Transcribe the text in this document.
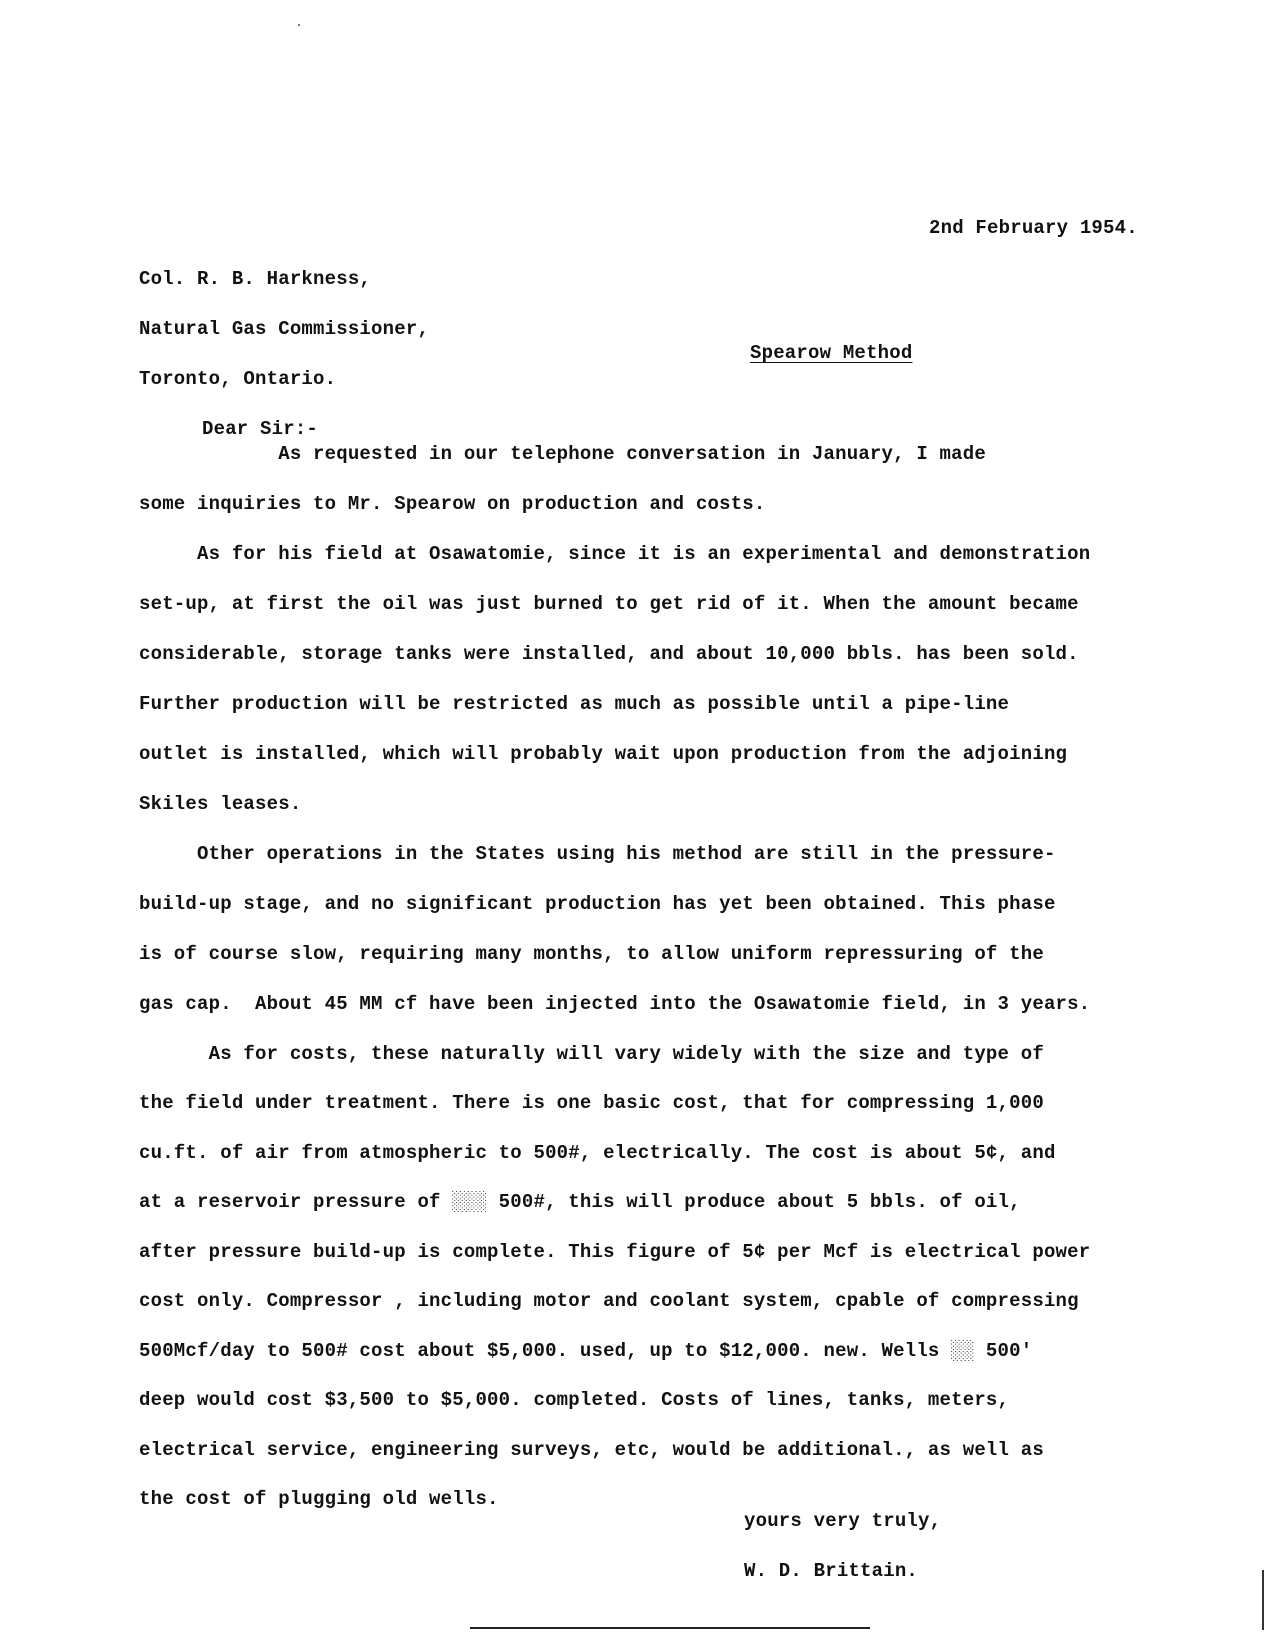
2nd February 1954.
Col. R. B. Harkness,
Natural Gas Commissioner,
Spearow Method
Toronto, Ontario.
Dear Sir:-
As requested in our telephone conversation in January, I made
some inquiries to Mr. Spearow on production and costs.
As for his field at Osawatomie, since it is an experimental and demonstration
set-up, at first the oil was just burned to get rid of it. When the amount became
considerable, storage tanks were installed, and about 10,000 bbls. has been sold.
Further production will be restricted as much as possible until a pipe-line
outlet is installed, which will probably wait upon production from the adjoining
Skiles leases.
Other operations in the States using his method are still in the pressure-
build-up stage, and no significant production has yet been obtained. This phase
is of course slow, requiring many months, to allow uniform repressuring of the
gas cap.  About 45 MM cf have been injected into the Osawatomie field, in 3 years.
As for costs, these naturally will vary widely with the size and type of
the field under treatment. There is one basic cost, that for compressing 1,000
cu.ft. of air from atmospheric to 500#, electrically. The cost is about 5¢, and
at a reservoir pressure of ░░░ 500#, this will produce about 5 bbls. of oil,
after pressure build-up is complete. This figure of 5¢ per Mcf is electrical power
cost only. Compressor , including motor and coolant system, cpable of compressing
500Mcf/day to 500# cost about $5,000. used, up to $12,000. new. Wells ░░ 500'
deep would cost $3,500 to $5,000. completed. Costs of lines, tanks, meters,
electrical service, engineering surveys, etc, would be additional., as well as
the cost of plugging old wells.
yours very truly,
W. D. Brittain.
